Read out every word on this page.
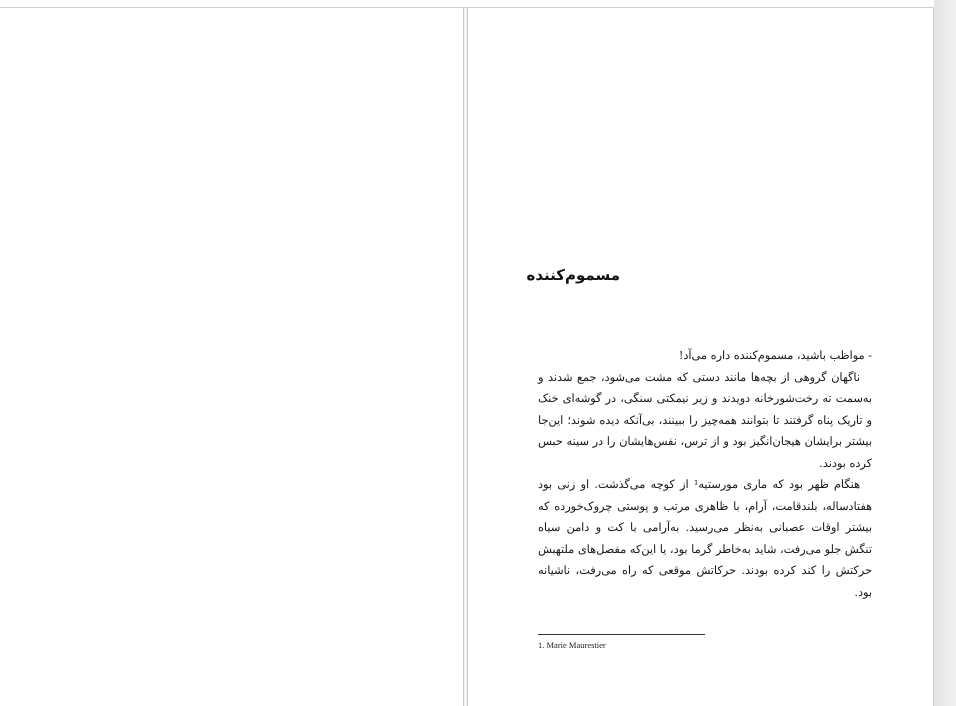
مسموم‌کننده

- مواظب باشید، مسموم‌کننده داره می‌آد!

ناگهان گروهی از بچه‌ها مانند دستی که مشت می‌شود، جمع شدند و به‌سمت ته رخت‌شورخانه دویدند و زیر نیمکتی سنگی، در گوشه‌ای خنک و تاریک پناه گرفتند تا بتوانند همه‌چیز را ببینند، بی‌آنکه دیده شوند؛ این‌جا بیشتر برایشان هیجان‌انگیز بود و از ترس، نفس‌هایشان را در سینه حبس کرده بودند.

هنگام ظهر بود که ماری مورستیه¹ از کوچه می‌گذشت. او زنی بود هفتادساله، بلندقامت، آرام، با ظاهری مرتب و پوستی چروک‌خورده که بیشتر اوقات عصبانی به‌نظر می‌رسید. به‌آرامی با کت و دامن سیاه تنگش جلو می‌رفت، شاید به‌خاطر گرما بود، یا این‌که مفصل‌های ملتهبش حرکتش را کند کرده بودند. حرکاتش موقعی که راه می‌رفت، ناشیانه بود.

1. Marie Maurestier
